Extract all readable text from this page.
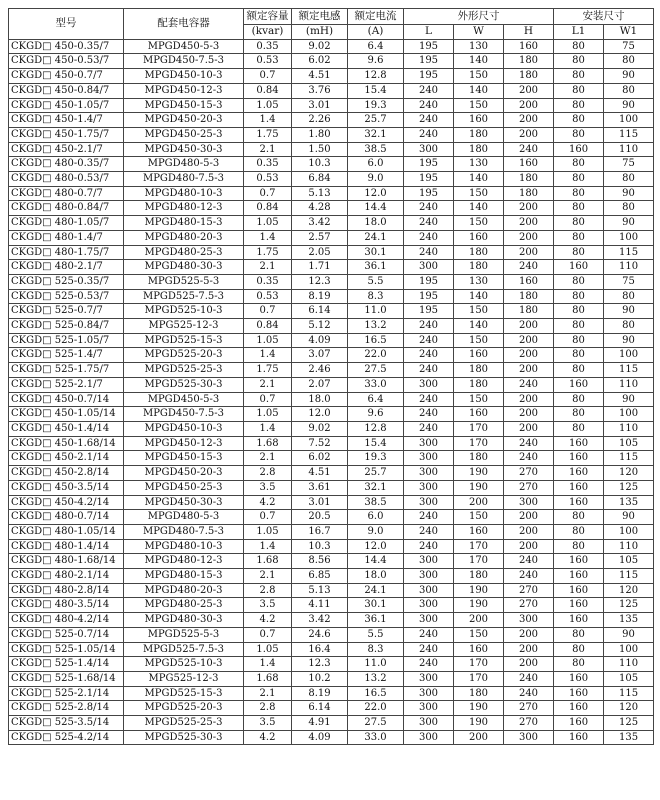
型号	配套电容器	额定容量	额定电感	额定电流	外形尺寸			安装尺寸	
		(kvar)	(mH)	(A)	L	W	H	L1	W1
CKGD□ 450-0.35/7	MPGD450-5-3	0.35	9.02	6.4	195	130	160	80	75
CKGD□ 450-0.53/7	MPGD450-7.5-3	0.53	6.02	9.6	195	140	180	80	80
CKGD□ 450-0.7/7	MPGD450-10-3	0.7	4.51	12.8	195	150	180	80	90
CKGD□ 450-0.84/7	MPGD450-12-3	0.84	3.76	15.4	240	140	200	80	80
CKGD□ 450-1.05/7	MPGD450-15-3	1.05	3.01	19.3	240	150	200	80	90
CKGD□ 450-1.4/7	MPGD450-20-3	1.4	2.26	25.7	240	160	200	80	100
CKGD□ 450-1.75/7	MPGD450-25-3	1.75	1.80	32.1	240	180	200	80	115
CKGD□ 450-2.1/7	MPGD450-30-3	2.1	1.50	38.5	300	180	240	160	110
CKGD□ 480-0.35/7	MPGD480-5-3	0.35	10.3	6.0	195	130	160	80	75
CKGD□ 480-0.53/7	MPGD480-7.5-3	0.53	6.84	9.0	195	140	180	80	80
CKGD□ 480-0.7/7	MPGD480-10-3	0.7	5.13	12.0	195	150	180	80	90
CKGD□ 480-0.84/7	MPGD480-12-3	0.84	4.28	14.4	240	140	200	80	80
CKGD□ 480-1.05/7	MPGD480-15-3	1.05	3.42	18.0	240	150	200	80	90
CKGD□ 480-1.4/7	MPGD480-20-3	1.4	2.57	24.1	240	160	200	80	100
CKGD□ 480-1.75/7	MPGD480-25-3	1.75	2.05	30.1	240	180	200	80	115
CKGD□ 480-2.1/7	MPGD480-30-3	2.1	1.71	36.1	300	180	240	160	110
CKGD□ 525-0.35/7	MPGD525-5-3	0.35	12.3	5.5	195	130	160	80	75
CKGD□ 525-0.53/7	MPGD525-7.5-3	0.53	8.19	8.3	195	140	180	80	80
CKGD□ 525-0.7/7	MPGD525-10-3	0.7	6.14	11.0	195	150	180	80	90
CKGD□ 525-0.84/7	MPG525-12-3	0.84	5.12	13.2	240	140	200	80	80
CKGD□ 525-1.05/7	MPGD525-15-3	1.05	4.09	16.5	240	150	200	80	90
CKGD□ 525-1.4/7	MPGD525-20-3	1.4	3.07	22.0	240	160	200	80	100
CKGD□ 525-1.75/7	MPGD525-25-3	1.75	2.46	27.5	240	180	200	80	115
CKGD□ 525-2.1/7	MPGD525-30-3	2.1	2.07	33.0	300	180	240	160	110
CKGD□ 450-0.7/14	MPGD450-5-3	0.7	18.0	6.4	240	150	200	80	90
CKGD□ 450-1.05/14	MPGD450-7.5-3	1.05	12.0	9.6	240	160	200	80	100
CKGD□ 450-1.4/14	MPGD450-10-3	1.4	9.02	12.8	240	170	200	80	110
CKGD□ 450-1.68/14	MPGD450-12-3	1.68	7.52	15.4	300	170	240	160	105
CKGD□ 450-2.1/14	MPGD450-15-3	2.1	6.02	19.3	300	180	240	160	115
CKGD□ 450-2.8/14	MPGD450-20-3	2.8	4.51	25.7	300	190	270	160	120
CKGD□ 450-3.5/14	MPGD450-25-3	3.5	3.61	32.1	300	190	270	160	125
CKGD□ 450-4.2/14	MPGD450-30-3	4.2	3.01	38.5	300	200	300	160	135
CKGD□ 480-0.7/14	MPGD480-5-3	0.7	20.5	6.0	240	150	200	80	90
CKGD□ 480-1.05/14	MPGD480-7.5-3	1.05	16.7	9.0	240	160	200	80	100
CKGD□ 480-1.4/14	MPGD480-10-3	1.4	10.3	12.0	240	170	200	80	110
CKGD□ 480-1.68/14	MPGD480-12-3	1.68	8.56	14.4	300	170	240	160	105
CKGD□ 480-2.1/14	MPGD480-15-3	2.1	6.85	18.0	300	180	240	160	115
CKGD□ 480-2.8/14	MPGD480-20-3	2.8	5.13	24.1	300	190	270	160	120
CKGD□ 480-3.5/14	MPGD480-25-3	3.5	4.11	30.1	300	190	270	160	125
CKGD□ 480-4.2/14	MPGD480-30-3	4.2	3.42	36.1	300	200	300	160	135
CKGD□ 525-0.7/14	MPGD525-5-3	0.7	24.6	5.5	240	150	200	80	90
CKGD□ 525-1.05/14	MPGD525-7.5-3	1.05	16.4	8.3	240	160	200	80	100
CKGD□ 525-1.4/14	MPGD525-10-3	1.4	12.3	11.0	240	170	200	80	110
CKGD□ 525-1.68/14	MPG525-12-3	1.68	10.2	13.2	300	170	240	160	105
CKGD□ 525-2.1/14	MPGD525-15-3	2.1	8.19	16.5	300	180	240	160	115
CKGD□ 525-2.8/14	MPGD525-20-3	2.8	6.14	22.0	300	190	270	160	120
CKGD□ 525-3.5/14	MPGD525-25-3	3.5	4.91	27.5	300	190	270	160	125
CKGD□ 525-4.2/14	MPGD525-30-3	4.2	4.09	33.0	300	200	300	160	135
